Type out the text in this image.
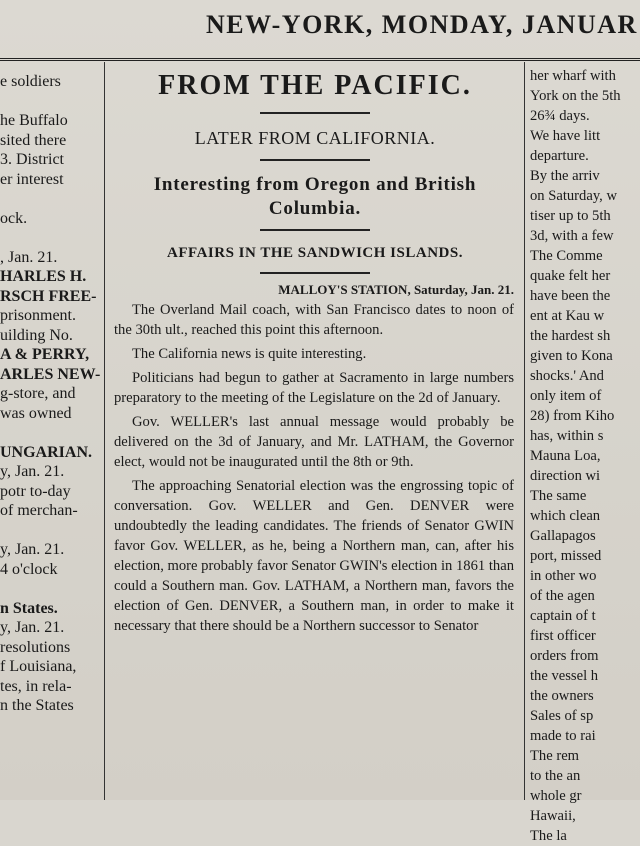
NEW-YORK, MONDAY, JANUAR
e soldiers
he Buffalo
sited there
3. District
er interest
ock.
, Jan. 21.
HARLES H.
RSCH FREE-
prisonment.
uilding No.
A & PERRY,
ARLES NEW-
g-store, and
was owned
UNGARIAN.
y, Jan. 21.
potr to-day
of merchan-
y, Jan. 21.
4 o'clock
n States.
y, Jan. 21.
resolutions
f Louisiana,
tes, in rela-
n the States
FROM THE PACIFIC.
LATER FROM CALIFORNIA.
Interesting from Oregon and British Columbia.
AFFAIRS IN THE SANDWICH ISLANDS.
MALLOY'S STATION, Saturday, Jan. 21.

The Overland Mail coach, with San Francisco dates to noon of the 30th ult., reached this point this afternoon.

The California news is quite interesting.

Politicians had begun to gather at Sacramento in large numbers preparatory to the meeting of the Legislature on the 2d of January.

Gov. WELLER's last annual message would probably be delivered on the 3d of January, and Mr. LATHAM, the Governor elect, would not be inaugurated until the 8th or 9th.

The approaching Senatorial election was the engrossing topic of conversation. Gov. WELLER and Gen. DENVER were undoubtedly the leading candidates. The friends of Senator GWIN favor Gov. WELLER, as he, being a Northern man, can, after his election, more probably favor Senator GWIN's election in 1861 than could a Southern man. Gov. LATHAM, a Northern man, favors the election of Gen. DENVER, a Southern man, in order to make it necessary that there should be a Northern successor to Senator

her wharf with
York on the 5th
26¾ days.
We have litt
departure.
By the arriv
on Saturday, w
tiser up to 5th
3d, with a few
The Comme
quake felt her
have been the
ent at Kau w
the hardest sh
given to Kona
shocks.' And
only item of
28) from Kiho
has, within s
Mauna Loa,
direction wi
The same
which clean
Gallapagos
port, missed
in other wo
of the agen
captain of t
first officer
orders from
the vessel h
the owners
Sales of sp
made to rai
The rem
to the an
whole gr
Hawaii,
The la
